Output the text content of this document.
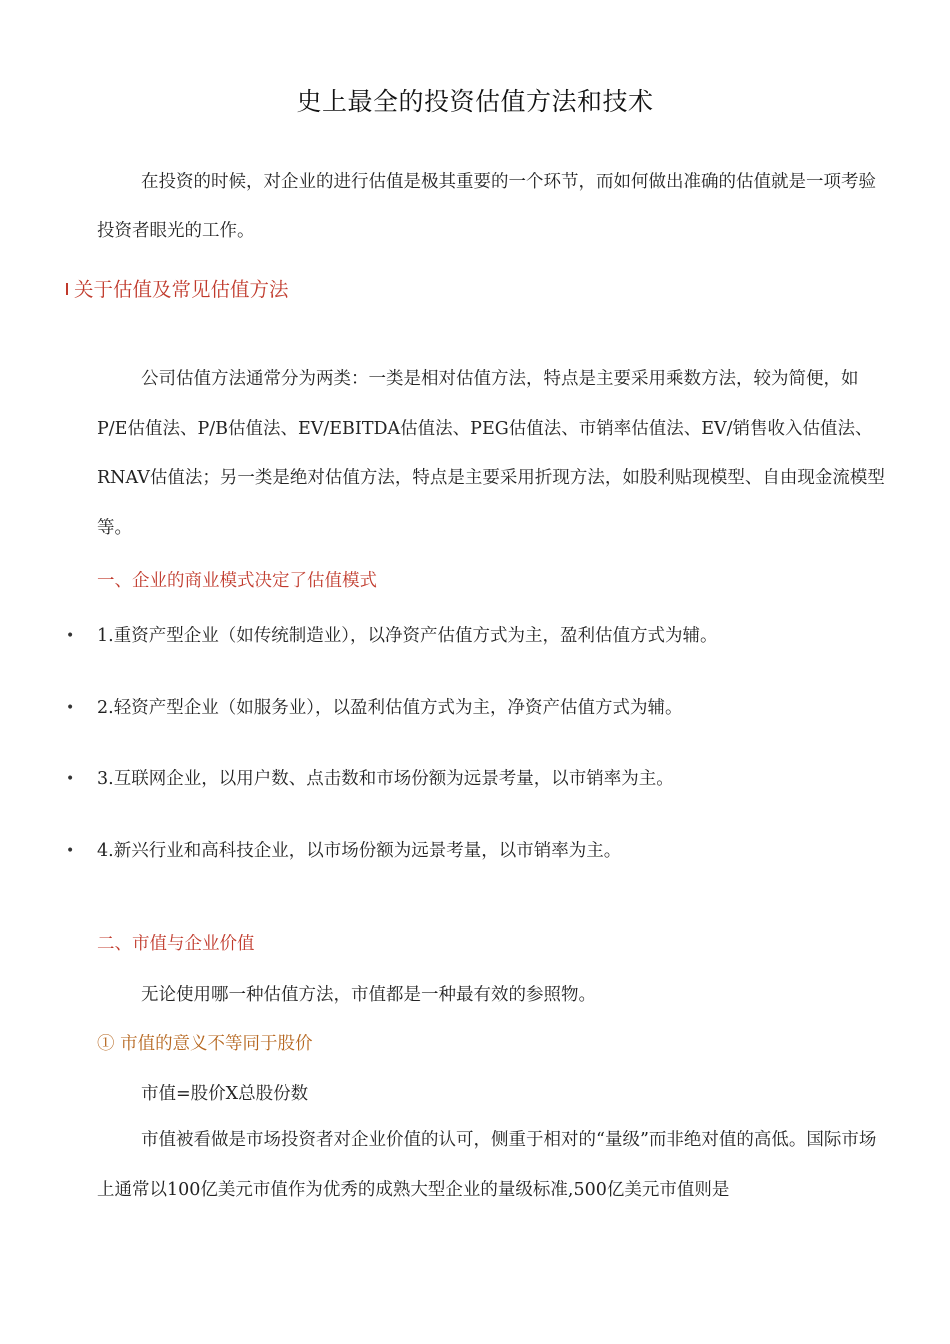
史上最全的投资估值方法和技术

在投资的时候，对企业的进行估值是极其重要的一个环节，而如何做出准确的估值就是一项考验投资者眼光的工作。

关于估值及常见估值方法

公司估值方法通常分为两类：一类是相对估值方法，特点是主要采用乘数方法，较为简便，如P/E估值法、P/B估值法、EV/EBITDA估值法、PEG估值法、市销率估值法、EV/销售收入估值法、RNAV估值法；另一类是绝对估值方法，特点是主要采用折现方法，如股利贴现模型、自由现金流模型等。

一、企业的商业模式决定了估值模式
• 1.重资产型企业（如传统制造业），以净资产估值方式为主，盈利估值方式为辅。
• 2.轻资产型企业（如服务业），以盈利估值方式为主，净资产估值方式为辅。
• 3.互联网企业，以用户数、点击数和市场份额为远景考量，以市销率为主。
• 4.新兴行业和高科技企业，以市场份额为远景考量，以市销率为主。
二、市值与企业价值
无论使用哪一种估值方法，市值都是一种最有效的参照物。
① 市值的意义不等同于股价
市值=股价X总股份数

市值被看做是市场投资者对企业价值的认可，侧重于相对的“量级”而非绝对值的高低。国际市场上通常以100亿美元市值作为优秀的成熟大型企业的量级标准,500亿美元市值则是
